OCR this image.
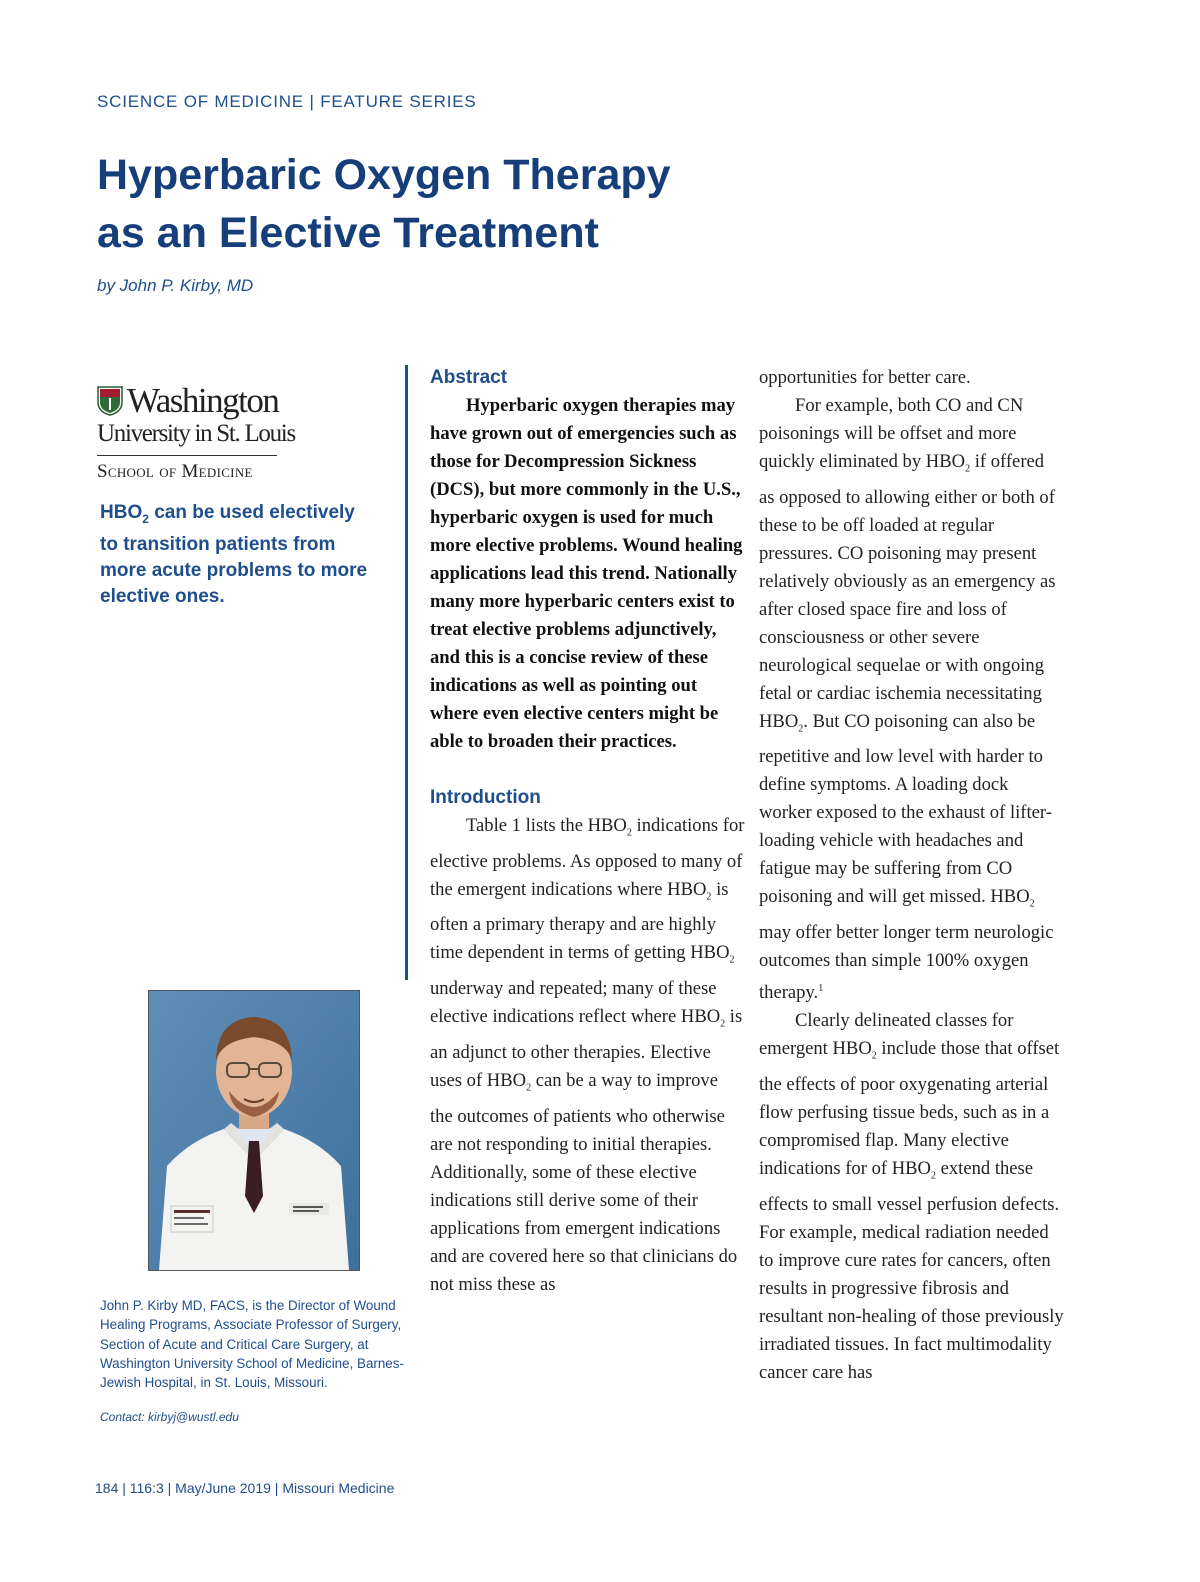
SCIENCE OF MEDICINE | FEATURE SERIES
Hyperbaric Oxygen Therapy
as an Elective Treatment
by John P. Kirby, MD
Washington
University in St. Louis
School of Medicine
$HBO_2$ can be used electively to transition patients from more acute problems to more elective ones.
John P. Kirby MD, FACS, is the Director of Wound Healing Programs, Associate Professor of Surgery, Section of Acute and Critical Care Surgery, at Washington University School of Medicine, Barnes-Jewish Hospital, in St. Louis, Missouri.
Contact: kirbyj@wustl.edu
Abstract

Hyperbaric oxygen therapies may have grown out of emergencies such as those for Decompression Sickness (DCS), but more commonly in the U.S., hyperbaric oxygen is used for much more elective problems. Wound healing applications lead this trend. Nationally many more hyperbaric centers exist to treat elective problems adjunctively, and this is a concise review of these indications as well as pointing out where even elective centers might be able to broaden their practices.

Introduction

Table 1 lists the $HBO_2$ indications for elective problems. As opposed to many of the emergent indications where $HBO_2$ is often a primary therapy and are highly time dependent in terms of getting $HBO_2$ underway and repeated; many of these elective indications reflect where $HBO_2$ is an adjunct to other therapies. Elective uses of $HBO_2$ can be a way to improve the outcomes of patients who otherwise are not responding to initial therapies. Additionally, some of these elective indications still derive some of their applications from emergent indications and are covered here so that clinicians do not miss these as

opportunities for better care.

For example, both CO and CN poisonings will be offset and more quickly eliminated by $HBO_2$ if offered as opposed to allowing either or both of these to be off loaded at regular pressures. CO poisoning may present relatively obviously as an emergency as after closed space fire and loss of consciousness or other severe neurological sequelae or with ongoing fetal or cardiac ischemia necessitating $HBO_2$. But CO poisoning can also be repetitive and low level with harder to define symptoms. A loading dock worker exposed to the exhaust of lifter-loading vehicle with headaches and fatigue may be suffering from CO poisoning and will get missed. $HBO_2$ may offer better longer term neurologic outcomes than simple 100% oxygen therapy.$^1$

Clearly delineated classes for emergent $HBO_2$ include those that offset the effects of poor oxygenating arterial flow perfusing tissue beds, such as in a compromised flap. Many elective indications for of $HBO_2$ extend these effects to small vessel perfusion defects. For example, medical radiation needed to improve cure rates for cancers, often results in progressive fibrosis and resultant non-healing of those previously irradiated tissues. In fact multimodality cancer care has

184 | 116:3 | May/June 2019 | Missouri Medicine
